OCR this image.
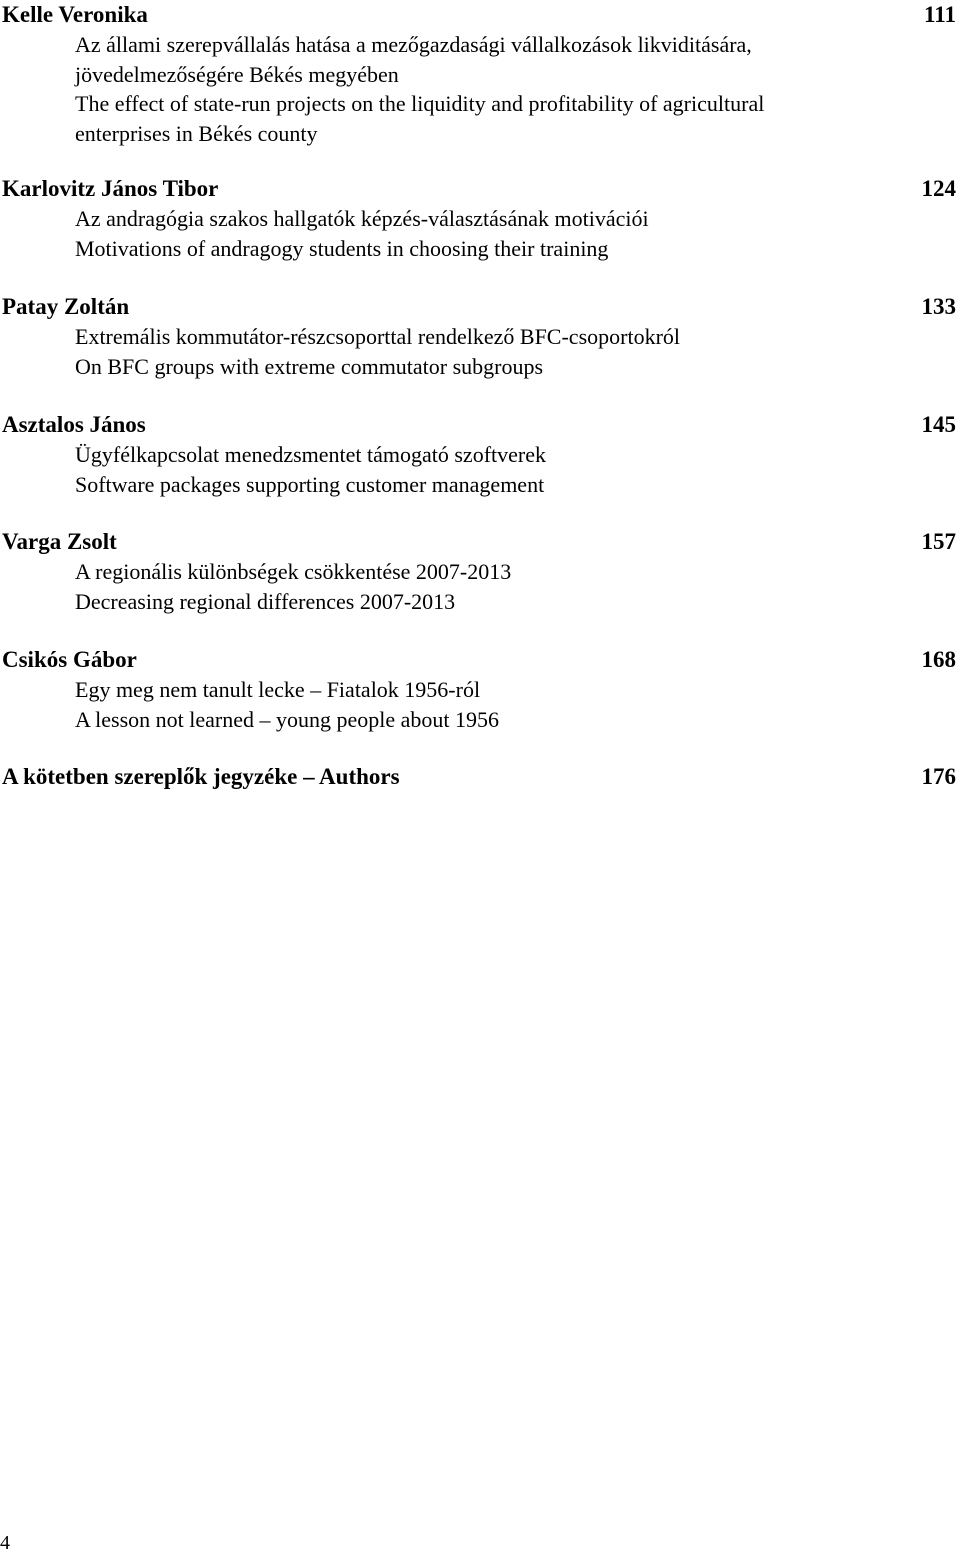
Kelle Veronika	111
Az állami szerepvállalás hatása a mezőgazdasági vállalkozások likviditására,
jövedelmezőségére Békés megyében
The effect of state-run projects on the liquidity and profitability of agricultural
enterprises in Békés county
Karlovitz János Tibor	124
Az andragógia szakos hallgatók képzés-választásának motivációi
Motivations of andragogy students in choosing their training
Patay Zoltán	133
Extremális kommutátor-részcsoporttal rendelkező BFC-csoportokról
On BFC groups with extreme commutator subgroups
Asztalos János	145
Ügyfélkapcsolat menedzsmentet támogató szoftverek
Software packages supporting customer management
Varga Zsolt	157
A regionális különbségek csökkentése 2007-2013
Decreasing regional differences 2007-2013
Csikós Gábor	168
Egy meg nem tanult lecke – Fiatalok 1956-ról
A lesson not learned – young people about 1956
A kötetben szereplők jegyzéke – Authors	176
4
